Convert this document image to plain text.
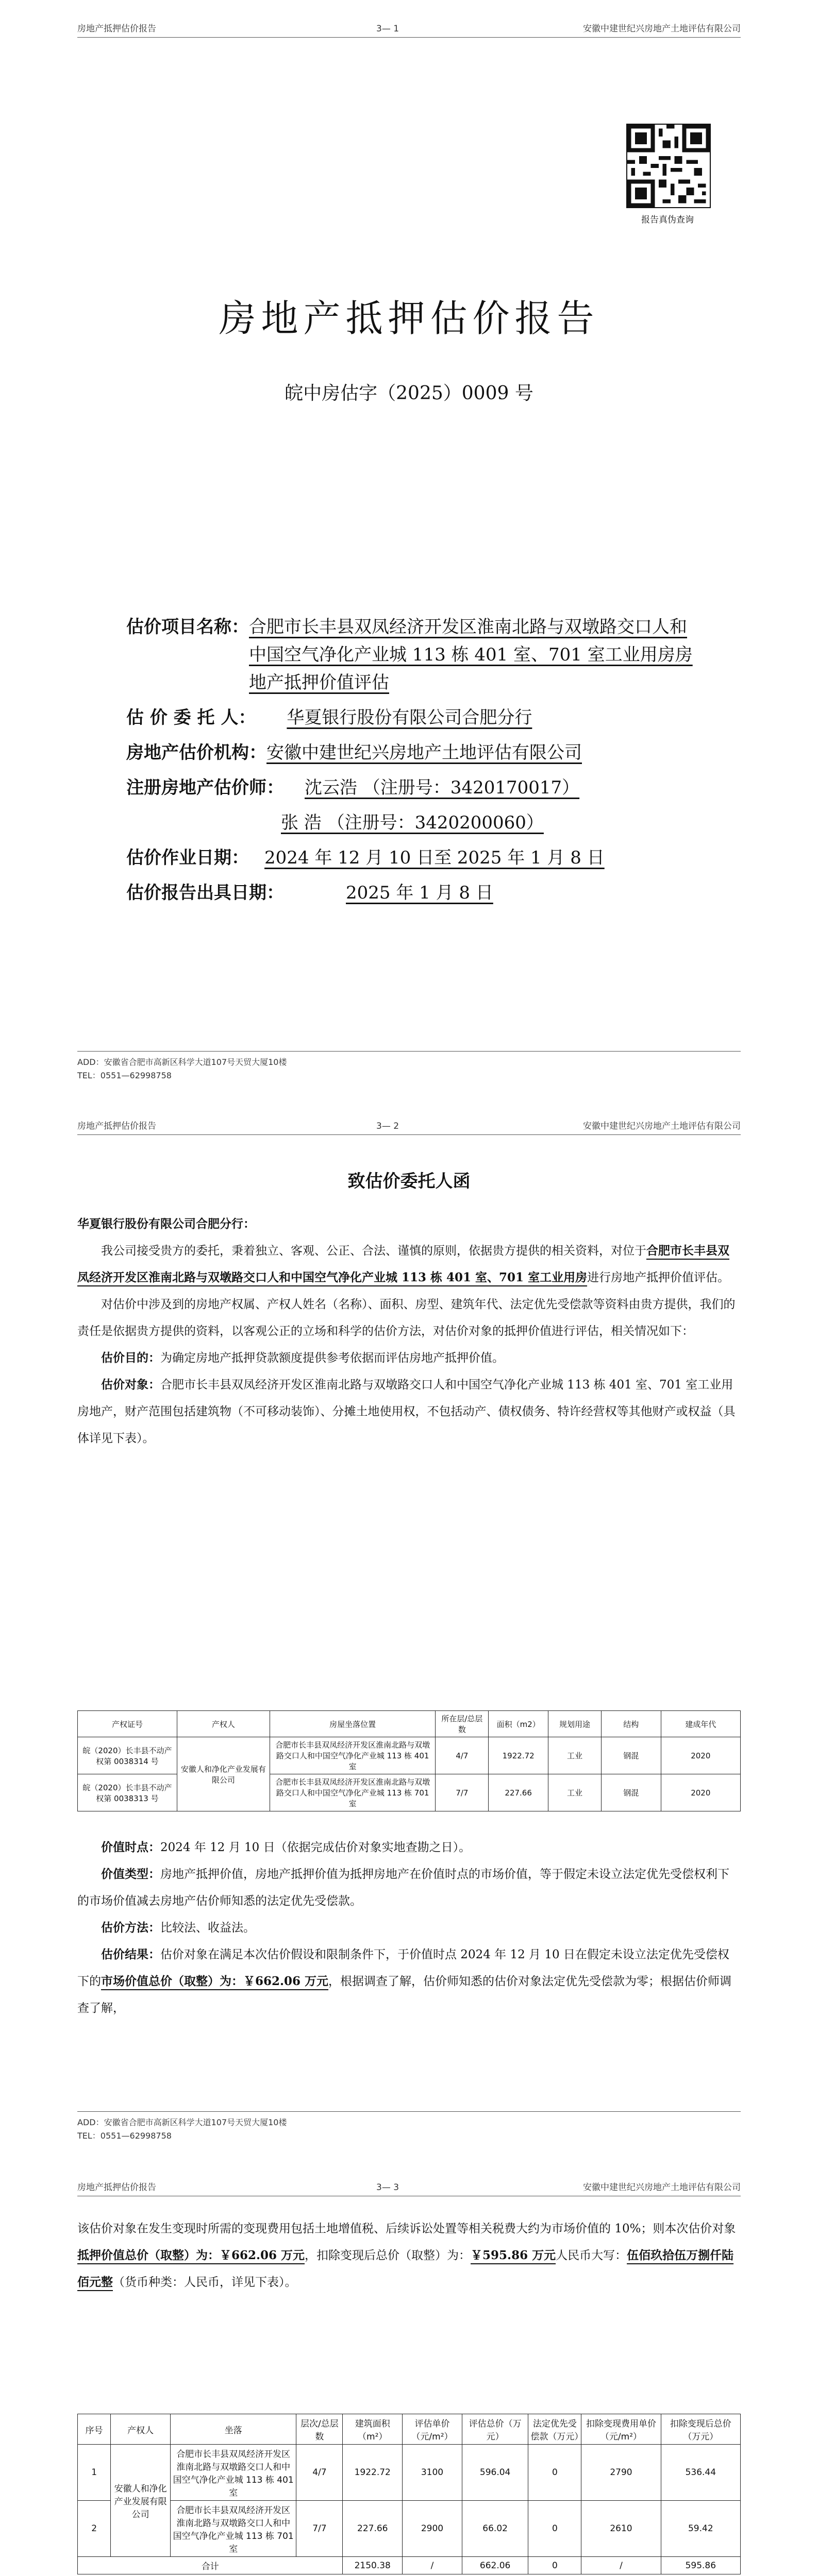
房地产抵押估价报告	3— 1	安徽中建世纪兴房地产土地评估有限公司
报告真伪查询
房地产抵押估价报告
皖中房估字（2025）0009 号
估价项目名称： 合肥市长丰县双凤经济开发区淮南北路与双墩路交口人和中国空气净化产业城 113 栋 401 室、701 室工业用房房地产抵押价值评估
估 价 委 托 人： 华夏银行股份有限公司合肥分行
房地产估价机构： 安徽中建世纪兴房地产土地评估有限公司
注册房地产估价师： 沈云浩 （注册号：3420170017）
张 浩 （注册号：3420200060）
估价作业日期： 2024 年 12 月 10 日至 2025 年 1 月 8 日
估价报告出具日期：	2025 年 1 月 8 日
ADD：安徽省合肥市高新区科学大道107号天贸大厦10楼
TEL：0551—62998758
房地产抵押估价报告	3— 2	安徽中建世纪兴房地产土地评估有限公司
ADD：安徽省合肥市高新区科学大道107号天贸大厦10楼
TEL：0551—62998758
致估价委托人函

华夏银行股份有限公司合肥分行：

我公司接受贵方的委托，秉着独立、客观、公正、合法、谨慎的原则，依据贵方提供的相关资料，对位于合肥市长丰县双凤经济开发区淮南北路与双墩路交口人和中国空气净化产业城 113 栋 401 室、701 室工业用房进行房地产抵押价值评估。

对估价中涉及到的房地产权属、产权人姓名（名称）、面积、房型、建筑年代、法定优先受偿款等资料由贵方提供，我们的责任是依据贵方提供的资料，以客观公正的立场和科学的估价方法，对估价对象的抵押价值进行评估，相关情况如下：

估价目的：为确定房地产抵押贷款额度提供参考依据而评估房地产抵押价值。

估价对象：合肥市长丰县双凤经济开发区淮南北路与双墩路交口人和中国空气净化产业城 113 栋 401 室、701 室工业用房地产，财产范围包括建筑物（不可移动装饰）、分摊土地使用权，不包括动产、债权债务、特许经营权等其他财产或权益（具体详见下表）。

产权证号	产权人	房屋坐落位置	所在层/总层数	面积（m2）	规划用途	结构	建成年代
皖（2020）长丰县不动产权第 0038314 号	安徽人和净化产业发展有限公司	合肥市长丰县双凤经济开发区淮南北路与双墩路交口人和中国空气净化产业城 113 栋 401 室	4/7	1922.72	工业	钢混	2020
皖（2020）长丰县不动产权第 0038313 号		合肥市长丰县双凤经济开发区淮南北路与双墩路交口人和中国空气净化产业城 113 栋 701 室	7/7	227.66	工业	钢混	2020

价值时点：2024 年 12 月 10 日（依据完成估价对象实地查勘之日）。

价值类型：房地产抵押价值，房地产抵押价值为抵押房地产在价值时点的市场价值，等于假定未设立法定优先受偿权利下的市场价值减去房地产估价师知悉的法定优先受偿款。

估价方法：比较法、收益法。

估价结果：估价对象在满足本次估价假设和限制条件下，于价值时点 2024 年 12 月 10 日在假定未设立法定优先受偿权下的市场价值总价（取整）为：￥662.06 万元，根据调查了解，估价师知悉的估价对象法定优先受偿款为零；根据估价师调查了解，

房地产抵押估价报告	3— 3	安徽中建世纪兴房地产土地评估有限公司

该估价对象在发生变现时所需的变现费用包括土地增值税、后续诉讼处置等相关税费大约为市场价值的 10%；则本次估价对象抵押价值总价（取整）为：￥662.06 万元，扣除变现后总价（取整）为：￥595.86 万元人民币大写：伍佰玖拾伍万捌仟陆佰元整（货币种类：人民币，详见下表）。

序号	产权人	坐落	层次/总层数	建筑面积（m²）	评估单价（元/m²）	评估总价（万元）	法定优先受偿款（万元）	扣除变现费用单价（元/m²）	扣除变现后总价（万元）
1	安徽人和净化产业发展有限公司	合肥市长丰县双凤经济开发区淮南北路与双墩路交口人和中国空气净化产业城 113 栋 401 室	4/7	1922.72	3100	596.04	0	2790	536.44
2		合肥市长丰县双凤经济开发区淮南北路与双墩路交口人和中国空气净化产业城 113 栋 701 室	7/7	227.66	2900	66.02	0	2610	59.42
合计				2150.38	/	662.06	0	/	595.86
